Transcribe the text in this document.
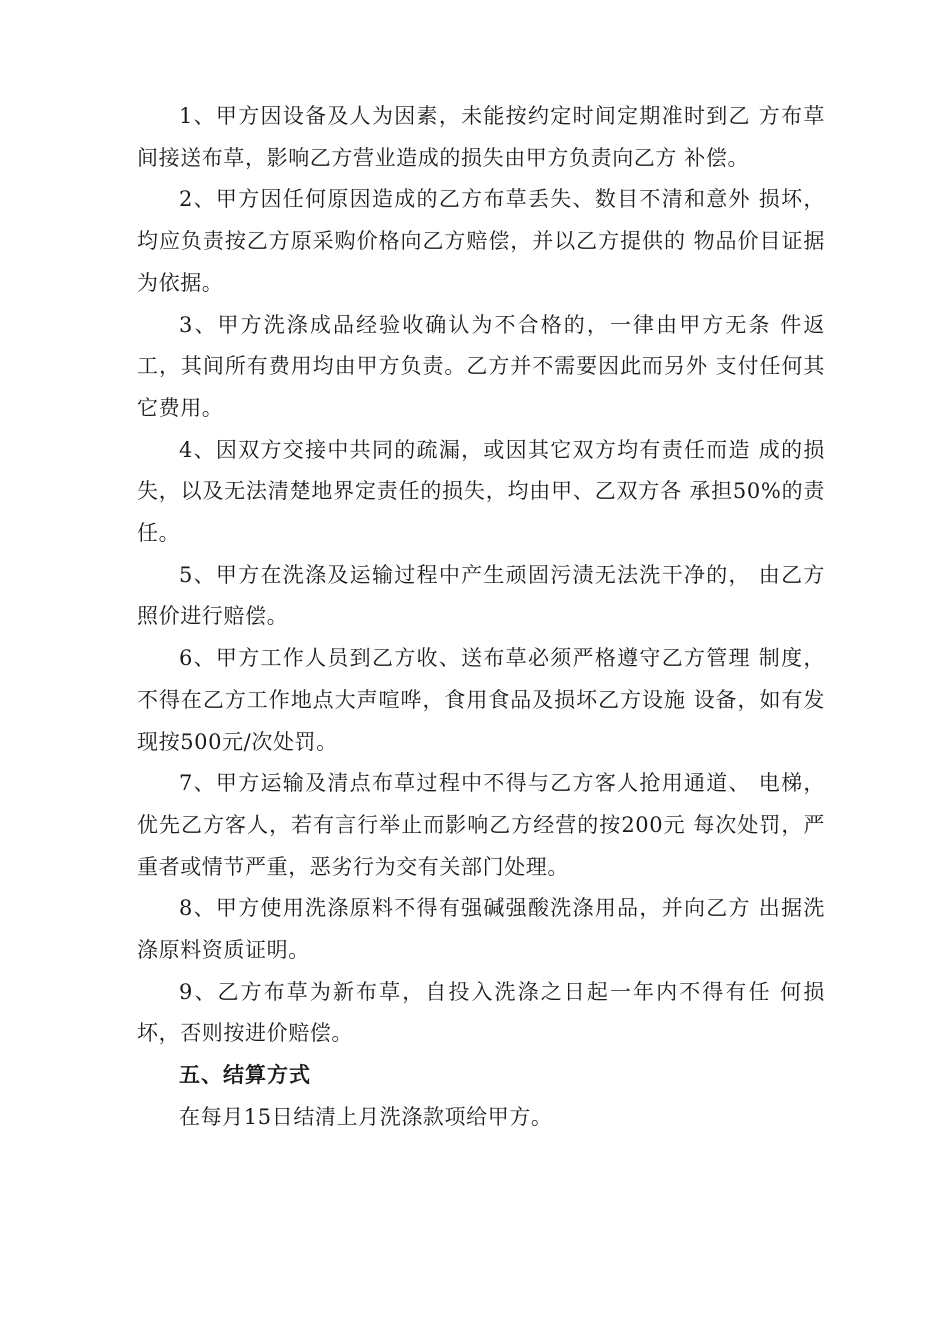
1、甲方因设备及人为因素，未能按约定时间定期准时到乙 方布草间接送布草，影响乙方营业造成的损失由甲方负责向乙方 补偿。

2、甲方因任何原因造成的乙方布草丢失、数目不清和意外 损坏，均应负责按乙方原采购价格向乙方赔偿，并以乙方提供的 物品价目证据为依据。

3、甲方洗涤成品经验收确认为不合格的，一律由甲方无条 件返工，其间所有费用均由甲方负责。乙方并不需要因此而另外 支付任何其它费用。

4、因双方交接中共同的疏漏，或因其它双方均有责任而造 成的损失，以及无法清楚地界定责任的损失，均由甲、乙双方各 承担50%的责任。

5、甲方在洗涤及运输过程中产生顽固污渍无法洗干净的， 由乙方照价进行赔偿。

6、甲方工作人员到乙方收、送布草必须严格遵守乙方管理 制度，不得在乙方工作地点大声喧哗，食用食品及损坏乙方设施 设备，如有发现按500元/次处罚。

7、甲方运输及清点布草过程中不得与乙方客人抢用通道、 电梯，优先乙方客人，若有言行举止而影响乙方经营的按200元 每次处罚，严重者或情节严重，恶劣行为交有关部门处理。

8、甲方使用洗涤原料不得有强碱强酸洗涤用品，并向乙方 出据洗涤原料资质证明。

9、乙方布草为新布草，自投入洗涤之日起一年内不得有任 何损坏，否则按进价赔偿。

五、结算方式

在每月15日结清上月洗涤款项给甲方。
